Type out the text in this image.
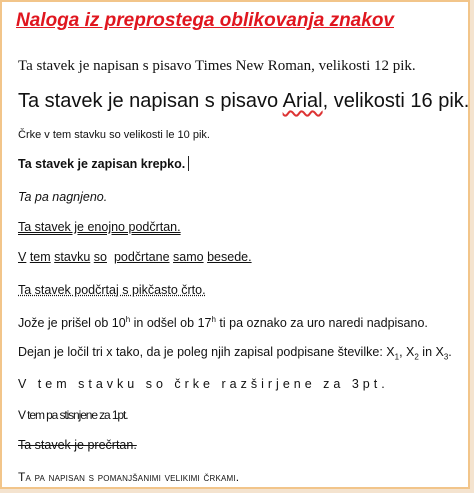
Naloga iz preprostega oblikovanja znakov

Ta stavek je napisan s pisavo Times New Roman, velikosti 12 pik.

Ta stavek je napisan s pisavo Arial, velikosti 16 pik.

Črke v tem stavku so velikosti le 10 pik.

Ta stavek je zapisan krepko.

Ta pa nagnjeno.

Ta stavek je enojno podčrtan.

V tem stavku so podčrtane samo besede.

Ta stavek podčrtaj s pikčasto črto.

Jože je prišel ob 10$^h$ in odšel ob 17$^h$ ti pa oznako za uro naredi nadpisano.

Dejan je ločil tri x tako, da je poleg njih zapisal podpisane številke: $X_1$, $X_2$ in $X_3$.

V tem stavku so črke razširjene za 3pt.

V tem pa stisnjene za 1pt.

Ta stavek je prečrtan.

Ta pa napisan s pomanjšanimi velikimi črkami.
